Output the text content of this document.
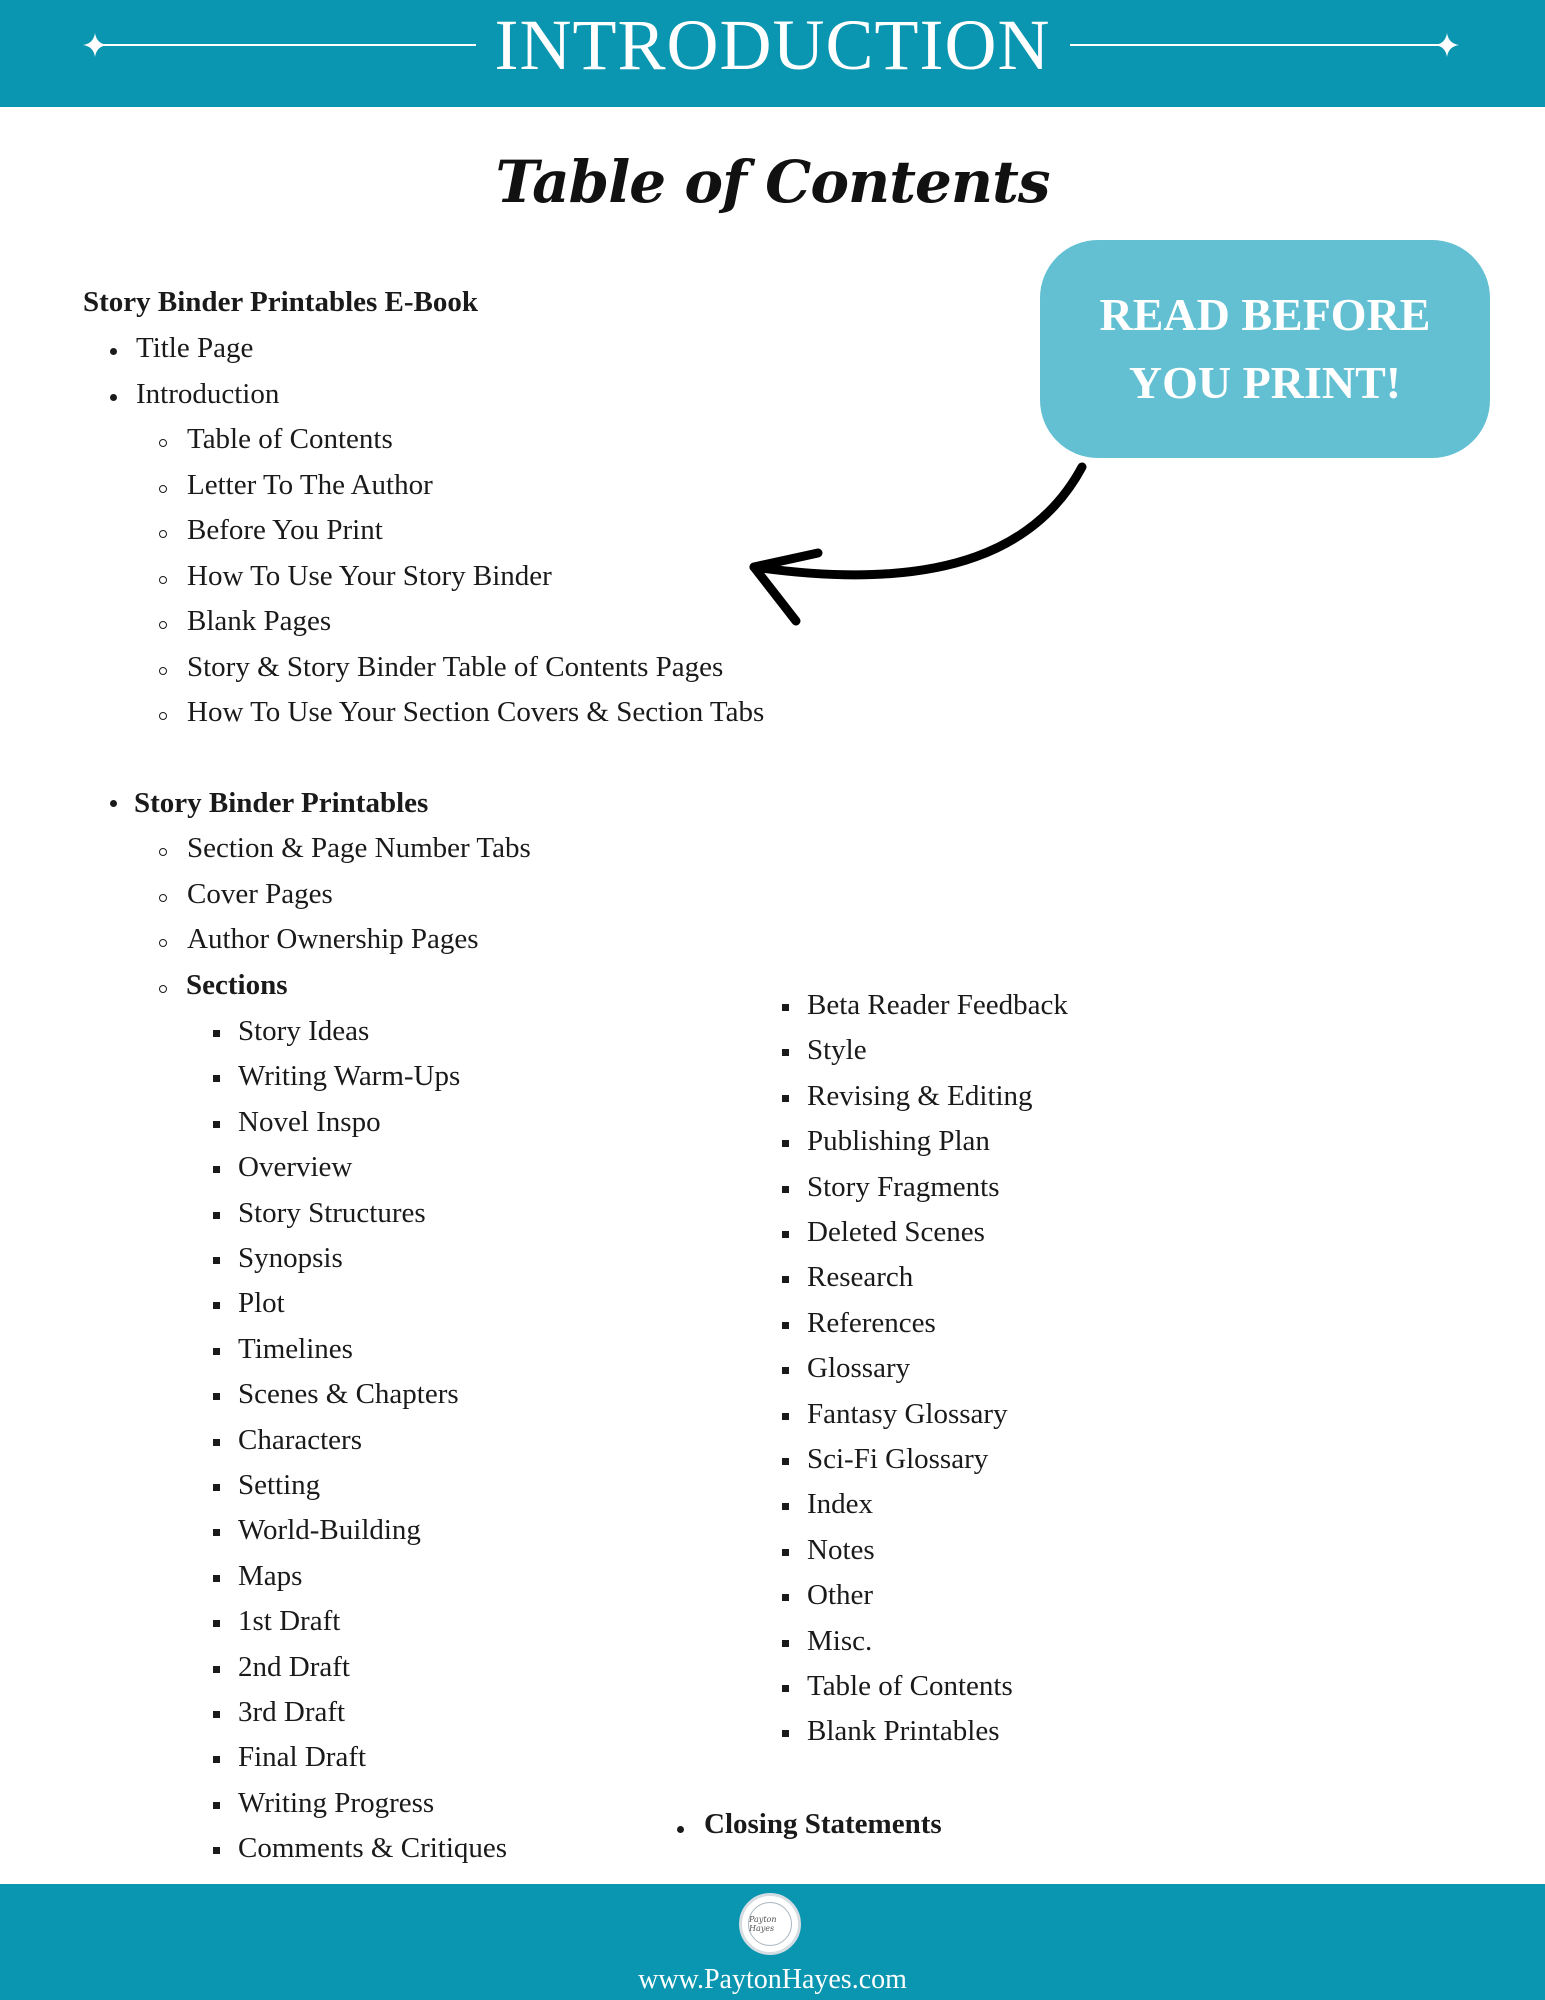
INTRODUCTION
Table of Contents
READ BEFORE
YOU PRINT!
Story Binder Printables E-Book
Title Page
Introduction
Table of Contents
Letter To The Author
Before You Print
How To Use Your Story Binder
Blank Pages
Story & Story Binder Table of Contents Pages
How To Use Your Section Covers & Section Tabs
Story Binder Printables
Section & Page Number Tabs
Cover Pages
Author Ownership Pages
Sections
Story Ideas
Writing Warm-Ups
Novel Inspo
Overview
Story Structures
Synopsis
Plot
Timelines
Scenes & Chapters
Characters
Setting
World-Building
Maps
1st Draft
2nd Draft
3rd Draft
Final Draft
Writing Progress
Comments & Critiques
Beta Reader Feedback
Style
Revising & Editing
Publishing Plan
Story Fragments
Deleted Scenes
Research
References
Glossary
Fantasy Glossary
Sci-Fi Glossary
Index
Notes
Other
Misc.
Table of Contents
Blank Printables
Closing Statements
Payton Hayes
www.PaytonHayes.com
